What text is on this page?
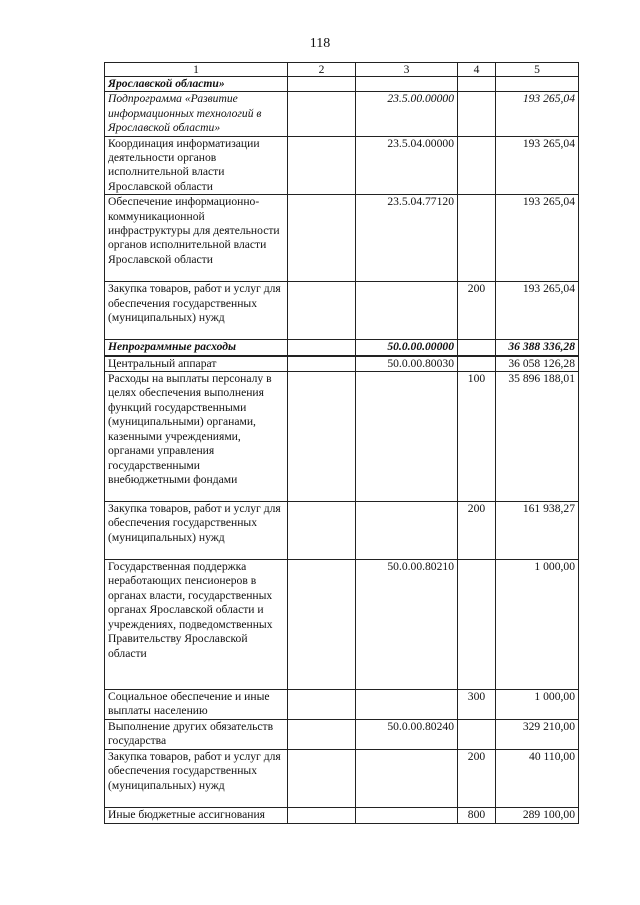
118
1	2	3	4	5
Ярославской области»				
Подпрограмма «Развитие информационных технологий в Ярославской области»		23.5.00.00000		193 265,04
Координация информатизации деятельности органов исполнительной власти Ярославской области		23.5.04.00000		193 265,04
Обеспечение информационно-коммуникационной инфраструктуры для деятельности органов исполнительной власти Ярославской области		23.5.04.77120		193 265,04
Закупка товаров, работ и услуг для обеспечения государственных (муниципальных) нужд			200	193 265,04
Непрограммные расходы		50.0.00.00000		36 388 336,28
Центральный аппарат		50.0.00.80030		36 058 126,28
Расходы на выплаты персоналу в целях обеспечения выполнения функций государственными (муниципальными) органами, казенными учреждениями, органами управления государственными внебюджетными фондами			100	35 896 188,01
Закупка товаров, работ и услуг для обеспечения государственных (муниципальных) нужд			200	161 938,27
Государственная поддержка неработающих пенсионеров в органах власти, государственных органах Ярославской области и учреждениях, подведомственных Правительству Ярославской области		50.0.00.80210		1 000,00
Социальное обеспечение и иные выплаты населению			300	1 000,00
Выполнение других обязательств государства		50.0.00.80240		329 210,00
Закупка товаров, работ и услуг для обеспечения государственных (муниципальных) нужд			200	40 110,00
Иные бюджетные ассигнования			800	289 100,00
